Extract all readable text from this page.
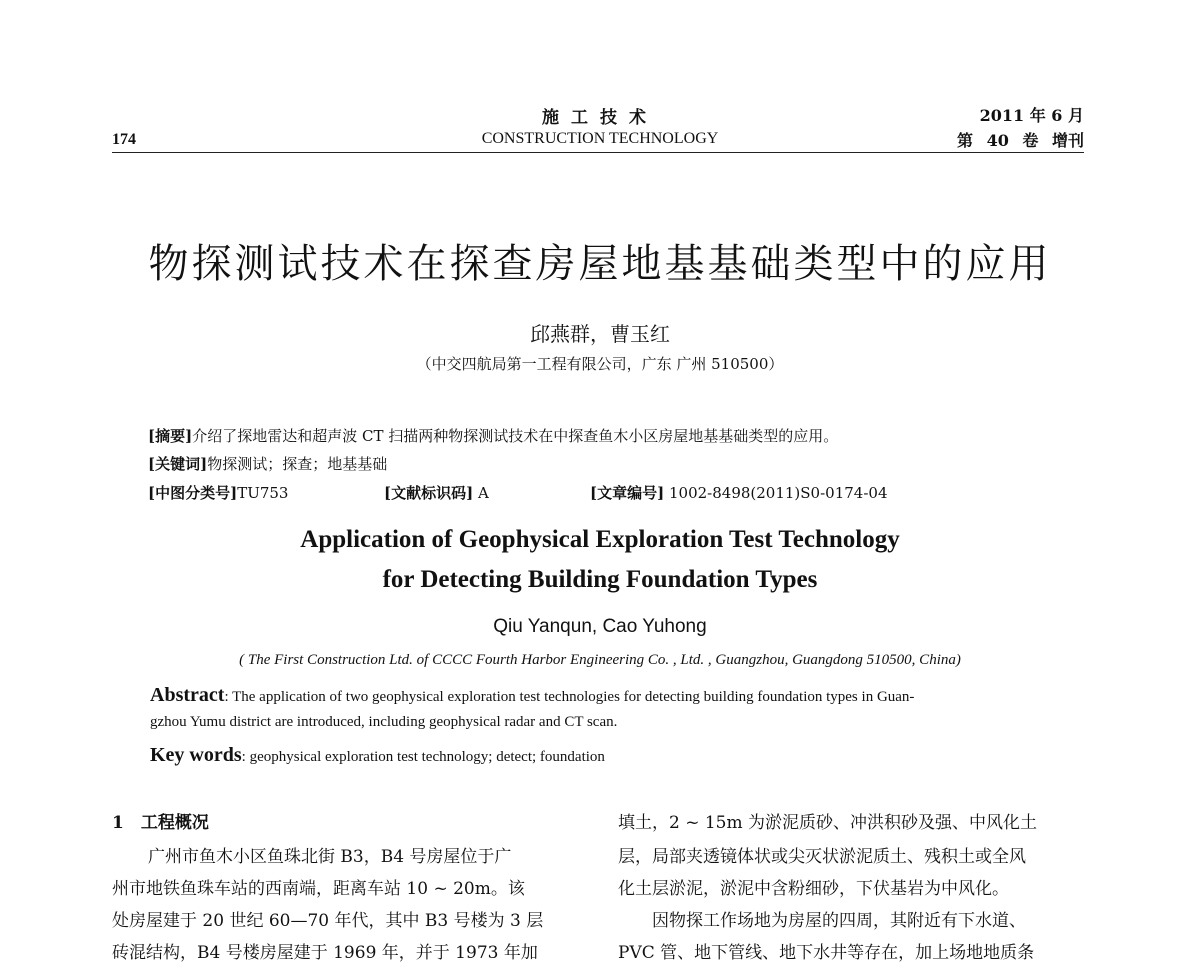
施工技术
CONSTRUCTION TECHNOLOGY
174
2011 年 6 月
第 40 卷 增刊
物探测试技术在探查房屋地基基础类型中的应用
邱燕群，曹玉红
（中交四航局第一工程有限公司，广东 广州 510500）
[摘要]介绍了探地雷达和超声波 CT 扫描两种物探测试技术在中探查鱼木小区房屋地基基础类型的应用。
[关键词]物探测试；探查；地基基础
[中图分类号]TU753	[文献标识码] A	[文章编号] 1002-8498(2011)S0-0174-04
Application of Geophysical Exploration Test Technology
for Detecting Building Foundation Types
Qiu Yanqun, Cao Yuhong
( The First Construction Ltd. of CCCC Fourth Harbor Engineering Co. , Ltd. , Guangzhou, Guangdong 510500, China)
Abstract: The application of two geophysical exploration test technologies for detecting building foundation types in Guan-
gzhou Yumu district are introduced, including geophysical radar and CT scan.
Key words: geophysical exploration test technology; detect; foundation
1　工程概况
广州市鱼木小区鱼珠北街 B3，B4 号房屋位于广
州市地铁鱼珠车站的西南端，距离车站 10 ~ 20m。该
处房屋建于 20 世纪 60—70 年代，其中 B3 号楼为 3 层
砖混结构，B4 号楼房屋建于 1969 年，并于 1973 年加
填土，2 ~ 15m 为淤泥质砂、冲洪积砂及强、中风化土
层，局部夹透镜体状或尖灭状淤泥质土、残积土或全风
化土层淤泥，淤泥中含粉细砂，下伏基岩为中风化。
因物探工作场地为房屋的四周，其附近有下水道、
PVC 管、地下管线、地下水井等存在，加上场地地质条
